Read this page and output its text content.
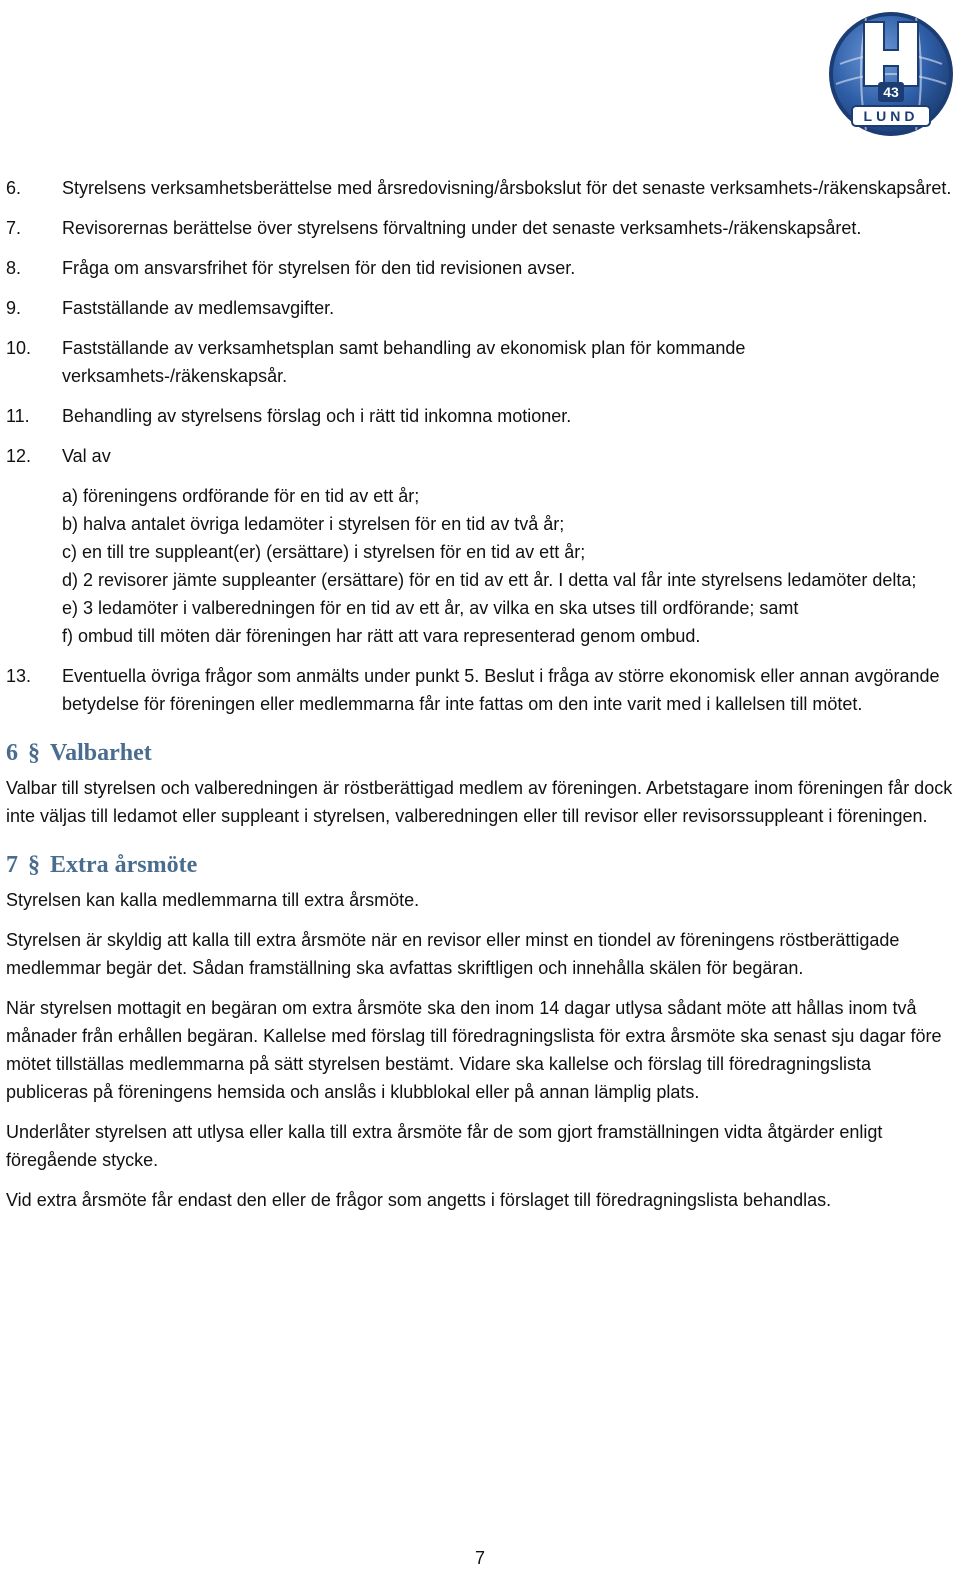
43
LUND
6. Styrelsens verksamhetsberättelse med årsredovisning/årsbokslut för det senaste verksamhets-/räkenskapsåret.

7. Revisorernas berättelse över styrelsens förvaltning under det senaste verksamhets-/räkenskapsåret.

8. Fråga om ansvarsfrihet för styrelsen för den tid revisionen avser.

9. Fastställande av medlemsavgifter.

10. Fastställande av verksamhetsplan samt behandling av ekonomisk plan för kommande verksamhets-/räkenskapsår.

11. Behandling av styrelsens förslag och i rätt tid inkomna motioner.

12. Val av

a) föreningens ordförande för en tid av ett år;

b) halva antalet övriga ledamöter i styrelsen för en tid av två år;

c) en till tre suppleant(er) (ersättare) i styrelsen för en tid av ett år;

d) 2 revisorer jämte suppleanter (ersättare) för en tid av ett år. I detta val får inte styrelsens ledamöter delta;

e) 3 ledamöter i valberedningen för en tid av ett år, av vilka en ska utses till ordförande; samt

f) ombud till möten där föreningen har rätt att vara representerad genom ombud.

13. Eventuella övriga frågor som anmälts under punkt 5. Beslut i fråga av större ekonomisk eller annan avgörande betydelse för föreningen eller medlemmarna får inte fattas om den inte varit med i kallelsen till mötet.

6 § Valbarhet

Valbar till styrelsen och valberedningen är röstberättigad medlem av föreningen. Arbetstagare inom föreningen får dock inte väljas till ledamot eller suppleant i styrelsen, valberedningen eller till revisor eller revisorssuppleant i föreningen.

7 § Extra årsmöte

Styrelsen kan kalla medlemmarna till extra årsmöte.

Styrelsen är skyldig att kalla till extra årsmöte när en revisor eller minst en tiondel av föreningens röstberättigade medlemmar begär det. Sådan framställning ska avfattas skriftligen och innehålla skälen för begäran.

När styrelsen mottagit en begäran om extra årsmöte ska den inom 14 dagar utlysa sådant möte att hållas inom två månader från erhållen begäran. Kallelse med förslag till föredragningslista för extra årsmöte ska senast sju dagar före mötet tillställas medlemmarna på sätt styrelsen bestämt. Vidare ska kallelse och förslag till föredragningslista publiceras på föreningens hemsida och anslås i klubblokal eller på annan lämplig plats.

Underlåter styrelsen att utlysa eller kalla till extra årsmöte får de som gjort framställningen vidta åtgärder enligt föregående stycke.

Vid extra årsmöte får endast den eller de frågor som angetts i förslaget till föredragningslista behandlas.

7
